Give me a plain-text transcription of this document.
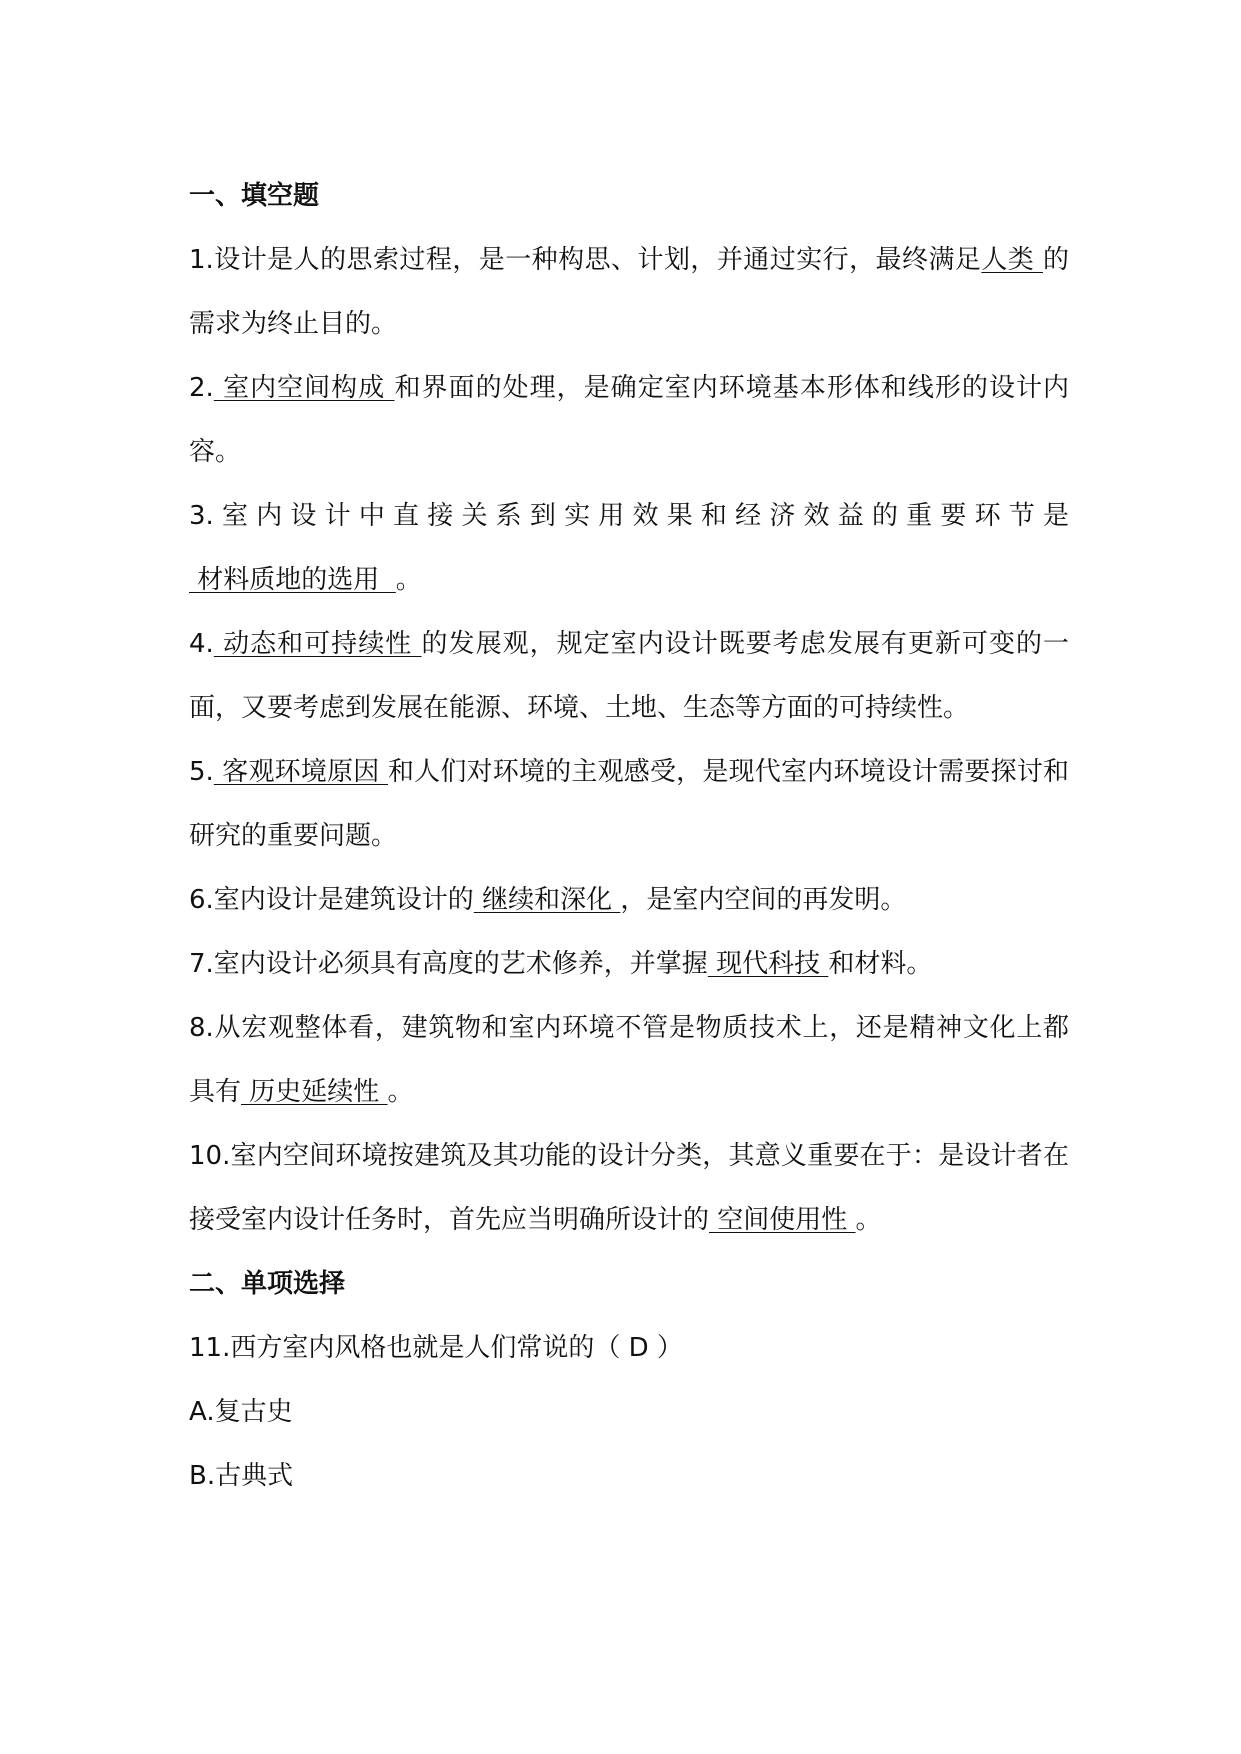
一、填空题

1.设计是人的思索过程，是一种构思、计划，并通过实行，最终满足人类 的需求为终止目的。

2. 室内空间构成 和界面的处理，是确定室内环境基本形体和线形的设计内容。

3.室内设计中直接关系到实用效果和经济效益的重要环节是 材料质地的选用  。

4. 动态和可持续性 的发展观，规定室内设计既要考虑发展有更新可变的一面，又要考虑到发展在能源、环境、土地、生态等方面的可持续性。

5. 客观环境原因 和人们对环境的主观感受，是现代室内环境设计需要探讨和研究的重要问题。

6.室内设计是建筑设计的 继续和深化 ，是室内空间的再发明。

7.室内设计必须具有高度的艺术修养，并掌握 现代科技 和材料。

8.从宏观整体看，建筑物和室内环境不管是物质技术上，还是精神文化上都具有 历史延续性 。

10.室内空间环境按建筑及其功能的设计分类，其意义重要在于：是设计者在接受室内设计任务时，首先应当明确所设计的 空间使用性 。

二、单项选择

11.西方室内风格也就是人们常说的（ D ）

A.复古史

B.古典式
